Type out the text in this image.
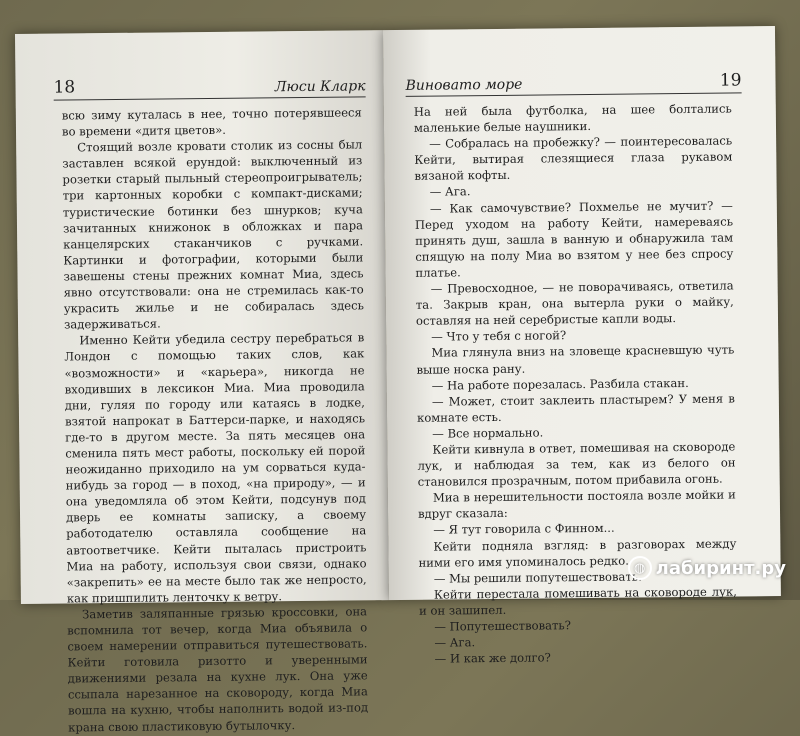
18	Люси Кларк

всю зиму куталась в нее, точно потерявшееся во времени «дитя цветов».

Стоящий возле кровати столик из сосны был заставлен всякой ерундой: выключенный из розетки старый пыльный стереопроигрыватель; три картонных коробки с компакт-дисками; туристические ботинки без шнурков; куча зачитанных книжонок в обложках и пара канцелярских стаканчиков с ручками. Картинки и фотографии, которыми были завешены стены прежних комнат Миа, здесь явно отсутствовали: она не стремилась как-то украсить жилье и не собиралась здесь задерживаться.

Именно Кейти убедила сестру перебраться в Лондон с помощью таких слов, как «возможности» и «карьера», никогда не входивших в лексикон Миа. Миа проводила дни, гуляя по городу или катаясь в лодке, взятой напрокат в Баттерси-парке, и находясь где-то в другом месте. За пять месяцев она сменила пять мест работы, поскольку ей порой неожиданно приходило на ум сорваться куда-нибудь за город — в поход, «на природу», — и она уведомляла об этом Кейти, подсунув под дверь ее комнаты записку, а своему работодателю оставляла сообщение на автоответчике. Кейти пыталась пристроить Миа на работу, используя свои связи, однако «закрепить» ее на месте было так же непросто, как пришпилить ленточку к ветру.

Заметив заляпанные грязью кроссовки, она вспомнила тот вечер, когда Миа объявила о своем намерении отправиться путешествовать. Кейти готовила ризотто и уверенными движениями резала на кухне лук. Она уже ссыпала нарезанное на сковороду, когда Миа вошла на кухню, чтобы наполнить водой из-под крана свою пластиковую бутылочку.

Виновато море	19

На ней была футболка, на шее болтались маленькие белые наушники.

— Собралась на пробежку? — поинтересовалась Кейти, вытирая слезящиеся глаза рукавом вязаной кофты.

— Ага.

— Как самочувствие? Похмелье не мучит? — Перед уходом на работу Кейти, намереваясь принять душ, зашла в ванную и обнаружила там спящую на полу Миа во взятом у нее без спросу платье.

— Превосходное, — не поворачиваясь, ответила та. Закрыв кран, она вытерла руки о майку, оставляя на ней серебристые капли воды.

— Что у тебя с ногой?

Миа глянула вниз на зловеще красневшую чуть выше носка рану.

— На работе порезалась. Разбила стакан.

— Может, стоит заклеить пластырем? У меня в комнате есть.

— Все нормально.

Кейти кивнула в ответ, помешивая на сковороде лук, и наблюдая за тем, как из белого он становился прозрачным, потом прибавила огонь.

Миа в нерешительности постояла возле мойки и вдруг сказала:

— Я тут говорила с Финном...

Кейти подняла взгляд: в разговорах между ними его имя упоминалось редко.

— Мы решили попутешествовать.

Кейти перестала помешивать на сковороде лук, и он зашипел.

— Попутешествовать?

— Ага.

— И как же долго?

◍ лабиринт.ру
